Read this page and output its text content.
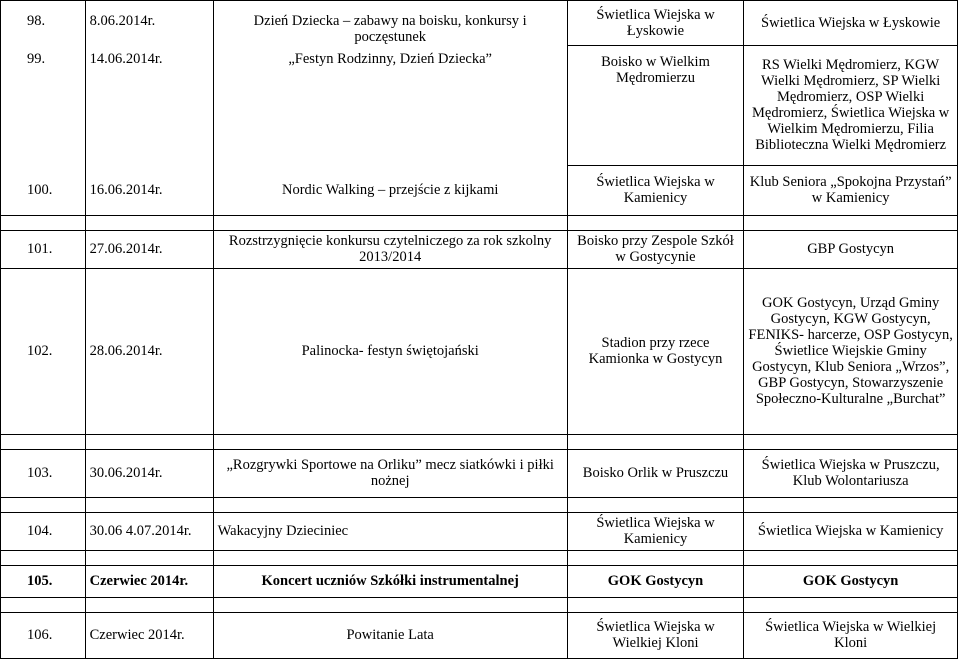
98.	8.06.2014r.	Dzień Dziecka – zabawy na boisku, konkursy i poczęstunek	Świetlica Wiejska w Łyskowie	Świetlica Wiejska w Łyskowie
99.	14.06.2014r.	„Festyn Rodzinny, Dzień Dziecka”	Boisko w Wielkim Mędromierzu	RS Wielki Mędromierz, KGW Wielki Mędromierz, SP Wielki Mędromierz, OSP Wielki Mędromierz, Świetlica Wiejska w Wielkim Mędromierzu, Filia Biblioteczna Wielki Mędromierz
100.	16.06.2014r.	Nordic Walking – przejście z kijkami	Świetlica Wiejska w Kamienicy	Klub Seniora „Spokojna Przystań” w Kamienicy

101.	27.06.2014r.	Rozstrzygnięcie konkursu czytelniczego za rok szkolny 2013/2014	Boisko przy Zespole Szkół w Gostycynie	GBP Gostycyn
102.	28.06.2014r.	Palinocka- festyn świętojański	Stadion przy rzece Kamionka w Gostycyn	GOK Gostycyn, Urząd Gminy Gostycyn, KGW Gostycyn, FENIKS- harcerze, OSP Gostycyn, Świetlice Wiejskie Gminy Gostycyn, Klub Seniora „Wrzos”, GBP Gostycyn, Stowarzyszenie Społeczno-Kulturalne „Burchat”

103.	30.06.2014r.	„Rozgrywki Sportowe na Orliku” mecz siatkówki i piłki nożnej	Boisko Orlik w Pruszczu	Świetlica Wiejska w Pruszczu, Klub Wolontariusza

104.	30.06 4.07.2014r.	Wakacyjny Dzieciniec	Świetlica Wiejska w Kamienicy	Świetlica Wiejska w Kamienicy

105.	Czerwiec 2014r.	Koncert uczniów Szkółki instrumentalnej	GOK Gostycyn	GOK Gostycyn

106.	Czerwiec 2014r.	Powitanie Lata	Świetlica Wiejska w Wielkiej Kloni	Świetlica Wiejska w Wielkiej Kloni
